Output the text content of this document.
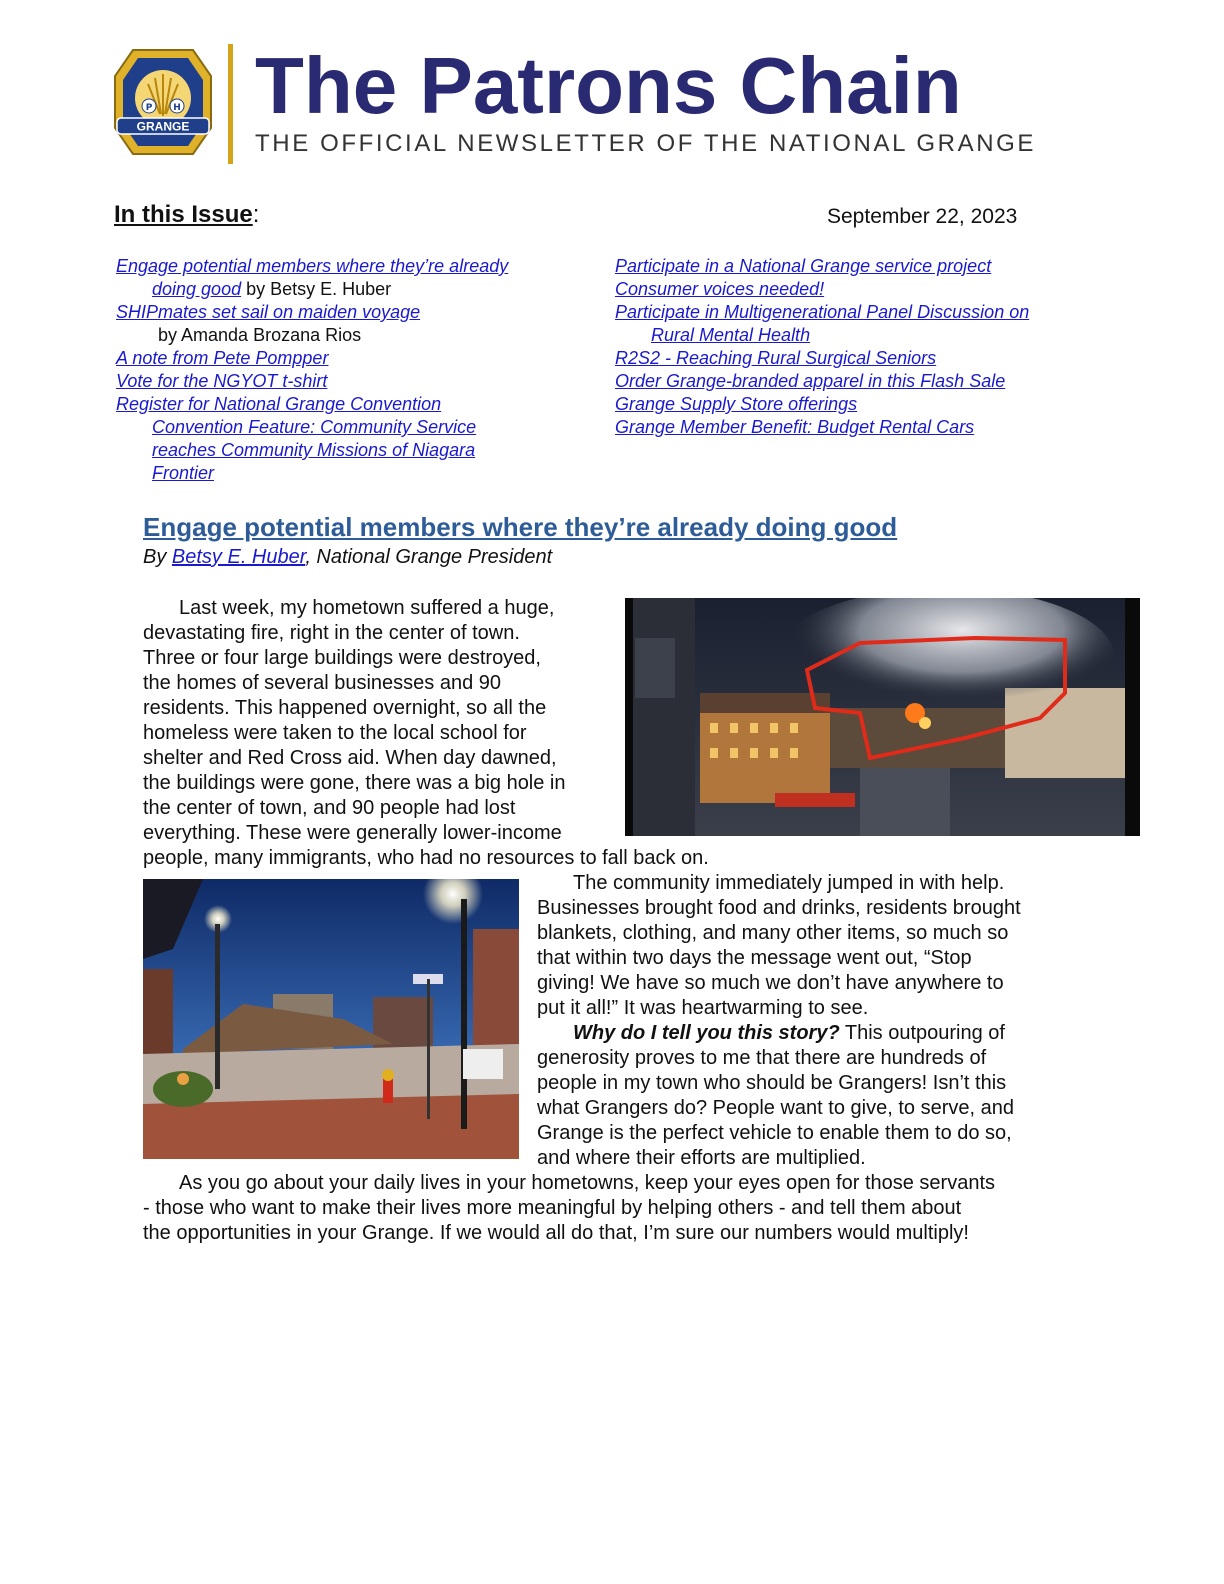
P H
GRANGE The Patrons Chain
THE OFFICIAL NEWSLETTER OF THE NATIONAL GRANGE
In this Issue:	September 22, 2023
Engage potential members where they’re already
doing good by Betsy E. Huber
SHIPmates set sail on maiden voyage
by Amanda Brozana Rios
A note from Pete Pompper
Vote for the NGYOT t-shirt
Register for National Grange Convention
Convention Feature: Community Service
reaches Community Missions of Niagara
Frontier
Participate in a National Grange service project
Consumer voices needed!
Participate in Multigenerational Panel Discussion on
Rural Mental Health
R2S2 - Reaching Rural Surgical Seniors
Order Grange-branded apparel in this Flash Sale
Grange Supply Store offerings
Grange Member Benefit: Budget Rental Cars
Engage potential members where they’re already doing good
By Betsy E. Huber, National Grange President
Last week, my hometown suffered a huge,
devastating fire, right in the center of town.
Three or four large buildings were destroyed,
the homes of several businesses and 90
residents. This happened overnight, so all the
homeless were taken to the local school for
shelter and Red Cross aid. When day dawned,
the buildings were gone, there was a big hole in
the center of town, and 90 people had lost
everything. These were generally lower-income
people, many immigrants, who had no resources to fall back on.
The community immediately jumped in with help.
Businesses brought food and drinks, residents brought
blankets, clothing, and many other items, so much so
that within two days the message went out, “Stop
giving! We have so much we don’t have anywhere to
put it all!” It was heartwarming to see.
Why do I tell you this story? This outpouring of
generosity proves to me that there are hundreds of
people in my town who should be Grangers! Isn’t this
what Grangers do? People want to give, to serve, and
Grange is the perfect vehicle to enable them to do so,
and where their efforts are multiplied.
As you go about your daily lives in your hometowns, keep your eyes open for those servants
- those who want to make their lives more meaningful by helping others - and tell them about
the opportunities in your Grange. If we would all do that, I’m sure our numbers would multiply!
